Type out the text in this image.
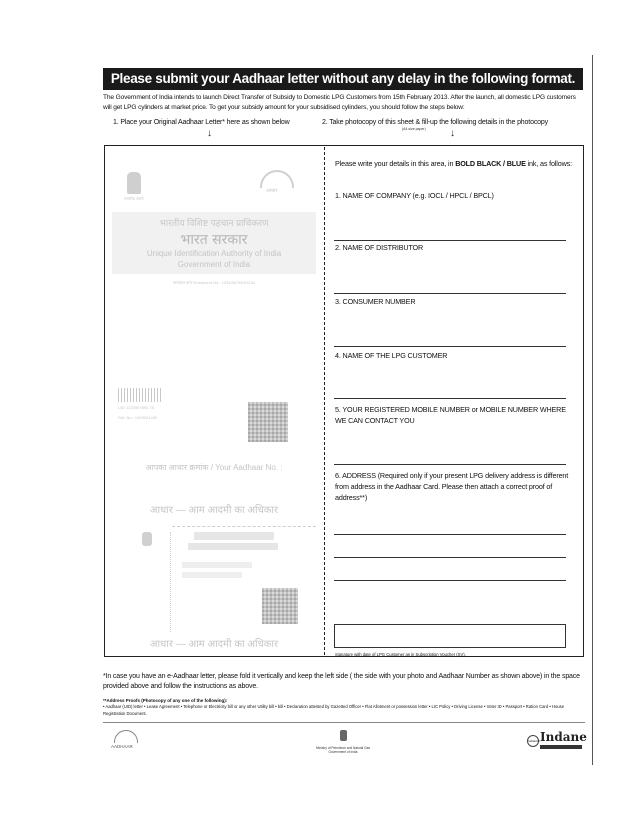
Please submit your Aadhaar letter without any delay in the following format.
The Government of India intends to launch Direct Transfer of Subsidy to Domestic LPG Customers from 15th February 2013. After the launch, all domestic LPG customers will get LPG cylinders at market price. To get your subsidy amount for your subsidised cylinders, you should follow the steps below:
1. Place your Original Aadhaar Letter* here as shown below	2. Take photocopy of this sheet & fill-up the following details in the photocopy
(A4 size paper)
↓	↓
सत्यमेव जयते
आधार
भारतीय विशिष्ट पहचान प्राधिकरण
भारत सरकार
Unique Identification Authority of India
Government of India
नामांकन क्रम/ Enrolment No.: 1234/56789/01234
UID 1234567890 78
Ref. No.: 1493261483
आपका आधार क्रमांक / Your Aadhaar No. :
आधार — आम आदमी का अधिकार
आधार — आम आदमी का अधिकार
Please write your details in this area, in BOLD BLACK / BLUE ink, as follows:
1. NAME OF COMPANY (e.g. IOCL / HPCL / BPCL)
2. NAME OF DISTRIBUTOR
3. CONSUMER NUMBER
4. NAME OF THE LPG CUSTOMER
5. YOUR REGISTERED MOBILE NUMBER or MOBILE NUMBER WHERE WE CAN CONTACT YOU
6. ADDRESS (Required only if your present LPG delivery address is different from address in the Aadhaar Card. Please then attach a correct proof of address**)
Signature with date of LPG Customer as in Subscription Voucher (SV).
*In case you have an e-Aadhaar letter, please fold it vertically and keep the left side ( the side with your photo and Aadhaar Number as shown above) in the space provided above and follow the instructions as above.
**Address Proofs (Photocopy of any one of the following):
• Aadhaar (UID) letter • Lease Agreement • Telephone or Electricity bill or any other Utility bill • bill • Declaration attested by Gazetted Officer • Flat Allotment or possession letter • LIC Policy • Driving License • Voter ID • Passport • Ration Card • House Registration Document.
AADHAAR	Ministry of Petroleum and Natural Gas Government of India
IndianOil Indane
